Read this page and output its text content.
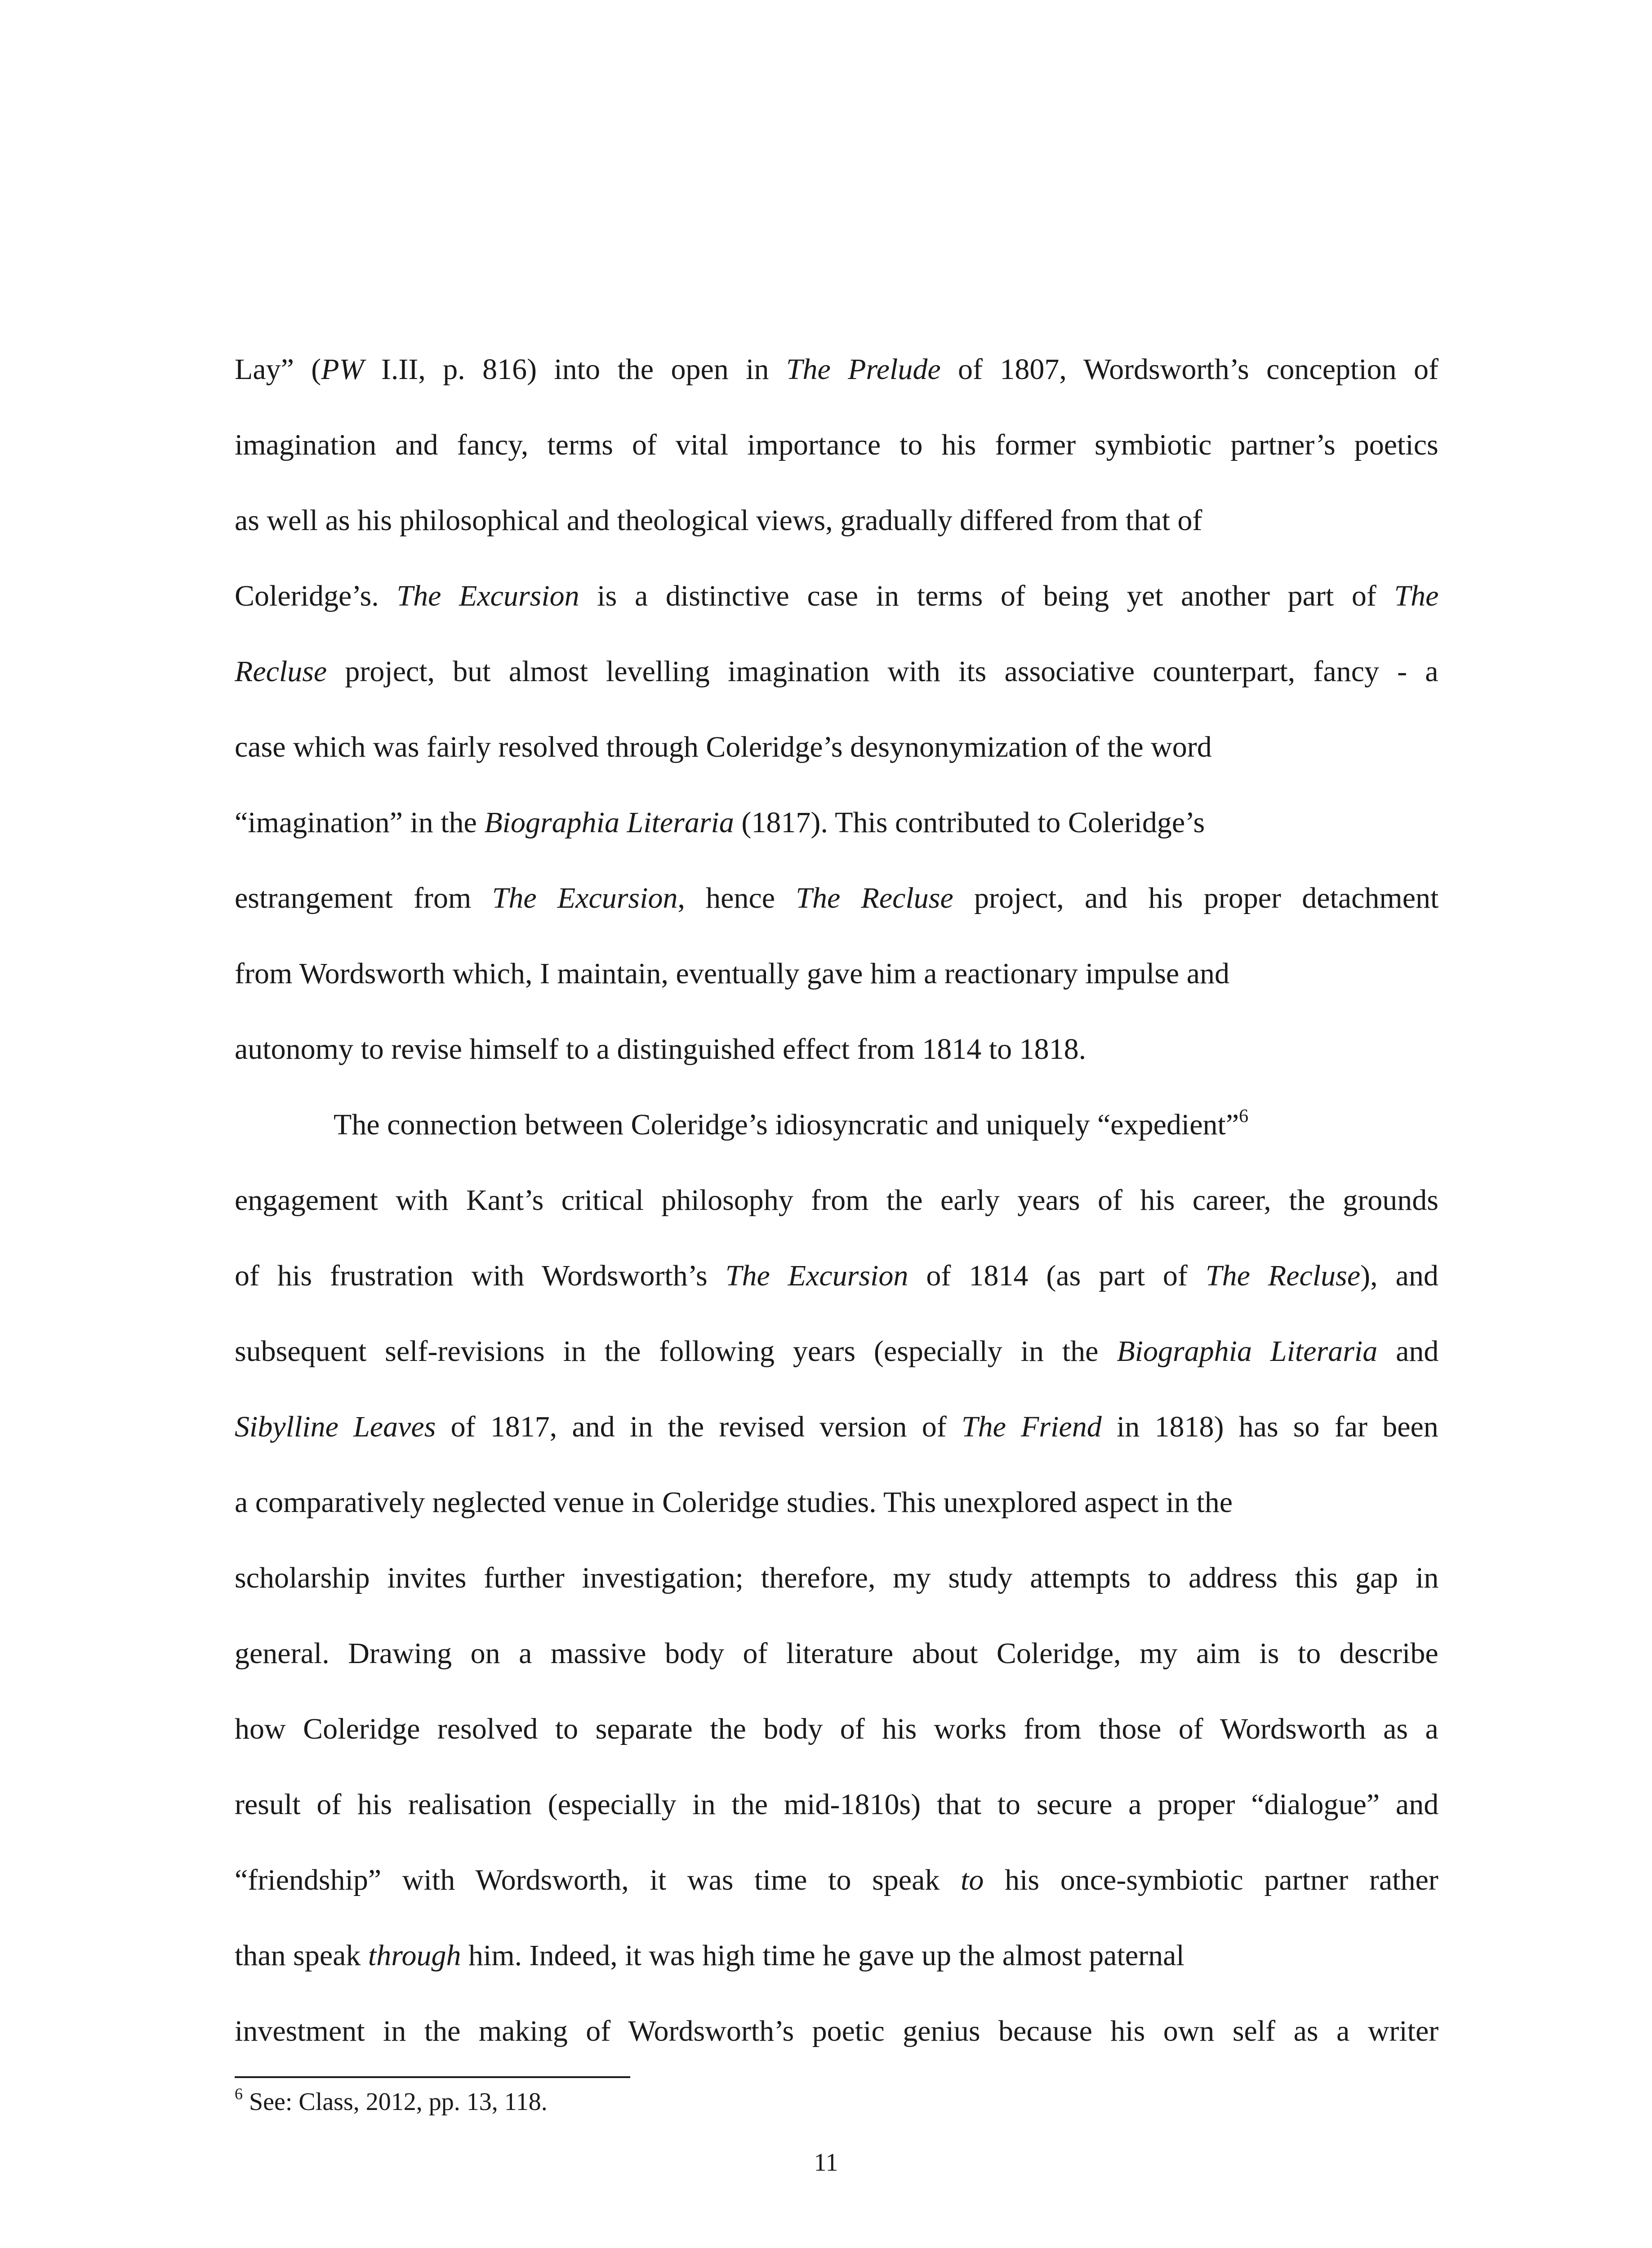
Lay” (PW I.II, p. 816) into the open in The Prelude of 1807, Wordsworth’s conception of

imagination and fancy, terms of vital importance to his former symbiotic partner’s poetics

as well as his philosophical and theological views, gradually differed from that of

Coleridge’s. The Excursion is a distinctive case in terms of being yet another part of The

Recluse project, but almost levelling imagination with its associative counterpart, fancy - a

case which was fairly resolved through Coleridge’s desynonymization of the word

“imagination” in the Biographia Literaria (1817). This contributed to Coleridge’s

estrangement from The Excursion, hence The Recluse project, and his proper detachment

from Wordsworth which, I maintain, eventually gave him a reactionary impulse and

autonomy to revise himself to a distinguished effect from 1814 to 1818.

The connection between Coleridge’s idiosyncratic and uniquely “expedient”$^6$

engagement with Kant’s critical philosophy from the early years of his career, the grounds

of his frustration with Wordsworth’s The Excursion of 1814 (as part of The Recluse), and

subsequent self-revisions in the following years (especially in the Biographia Literaria and

Sibylline Leaves of 1817, and in the revised version of The Friend in 1818) has so far been

a comparatively neglected venue in Coleridge studies. This unexplored aspect in the

scholarship invites further investigation; therefore, my study attempts to address this gap in

general. Drawing on a massive body of literature about Coleridge, my aim is to describe

how Coleridge resolved to separate the body of his works from those of Wordsworth as a

result of his realisation (especially in the mid-1810s) that to secure a proper “dialogue” and

“friendship” with Wordsworth, it was time to speak to his once-symbiotic partner rather

than speak through him. Indeed, it was high time he gave up the almost paternal

investment in the making of Wordsworth’s poetic genius because his own self as a writer

$^6$ See: Class, 2012, pp. 13, 118.
11
